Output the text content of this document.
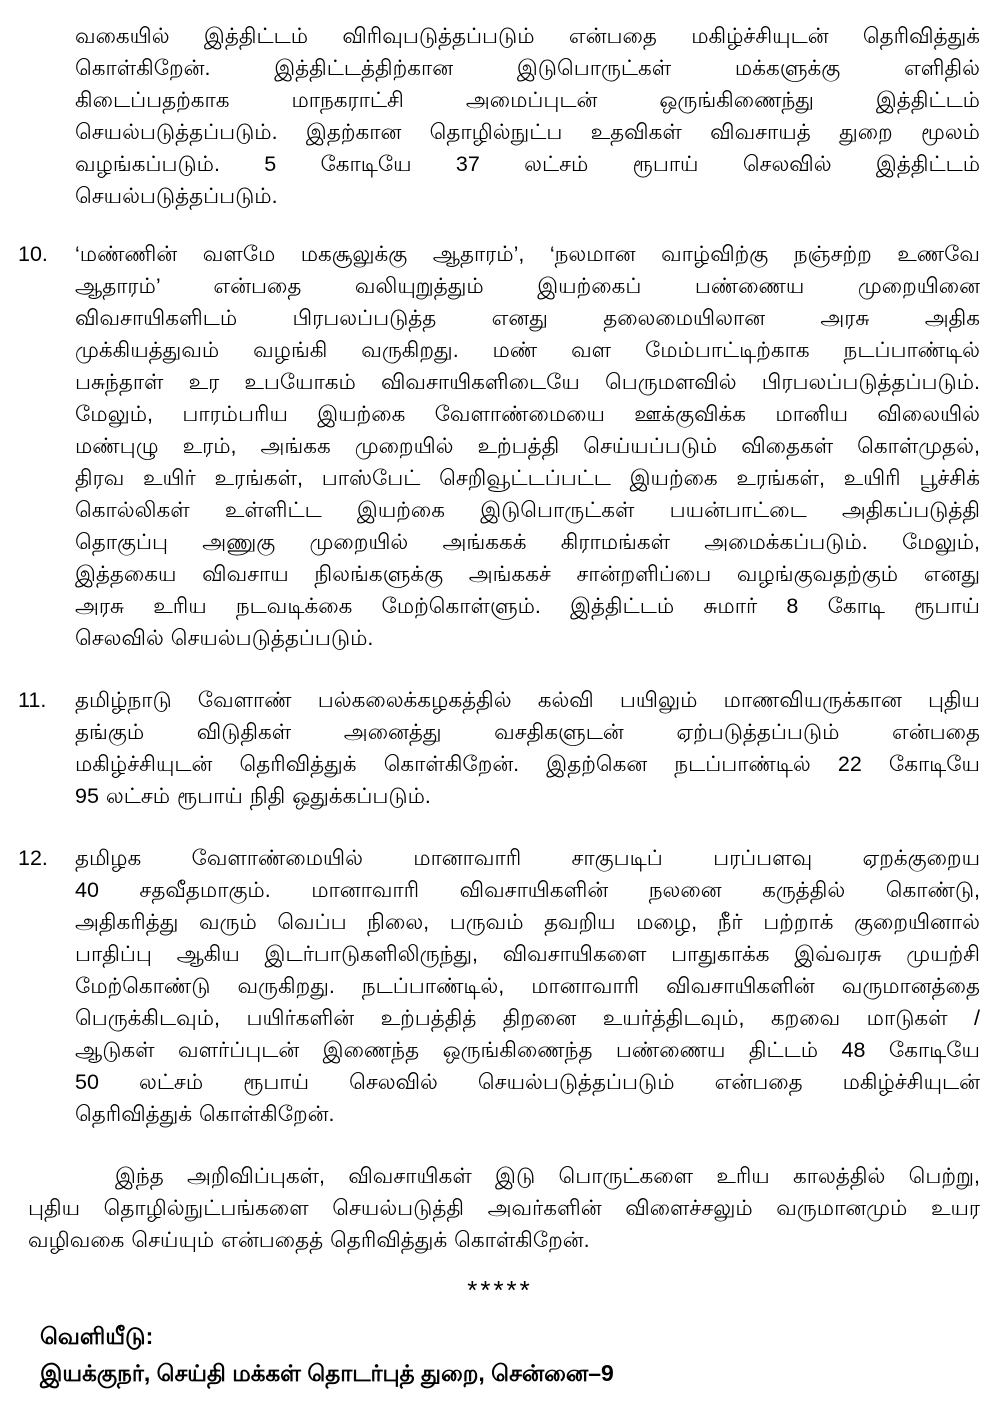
வகையில் இத்திட்டம் விரிவுபடுத்தப்படும் என்பதை மகிழ்ச்சியுடன் தெரிவித்துக்
கொள்கிறேன். இத்திட்டத்திற்கான இடுபொருட்கள் மக்களுக்கு எளிதில்
கிடைப்பதற்காக மாநகராட்சி அமைப்புடன் ஒருங்கிணைந்து இத்திட்டம்
செயல்படுத்தப்படும். இதற்கான தொழில்நுட்ப உதவிகள் விவசாயத் துறை மூலம்
வழங்கப்படும். 5 கோடியே 37 லட்சம் ரூபாய் செலவில் இத்திட்டம்
செயல்படுத்தப்படும்.
10.	‘மண்ணின் வளமே மகசூலுக்கு ஆதாரம்’, ‘நலமான வாழ்விற்கு நஞ்சற்ற உணவே
ஆதாரம்’ என்பதை வலியுறுத்தும் இயற்கைப் பண்ணைய முறையினை
விவசாயிகளிடம் பிரபலப்படுத்த எனது தலைமையிலான அரசு அதிக
முக்கியத்துவம் வழங்கி வருகிறது. மண் வள மேம்பாட்டிற்காக நடப்பாண்டில்
பசுந்தாள் உர உபயோகம் விவசாயிகளிடையே பெருமளவில் பிரபலப்படுத்தப்படும்.
மேலும், பாரம்பரிய இயற்கை வேளாண்மையை ஊக்குவிக்க மானிய விலையில்
மண்புழு உரம், அங்கக முறையில் உற்பத்தி செய்யப்படும் விதைகள் கொள்முதல்,
திரவ உயிர் உரங்கள், பாஸ்பேட் செறிவூட்டப்பட்ட இயற்கை உரங்கள், உயிரி பூச்சிக்
கொல்லிகள் உள்ளிட்ட இயற்கை இடுபொருட்கள் பயன்பாட்டை அதிகப்படுத்தி
தொகுப்பு அணுகு முறையில் அங்ககக் கிராமங்கள் அமைக்கப்படும். மேலும்,
இத்தகைய விவசாய நிலங்களுக்கு அங்ககச் சான்றளிப்பை வழங்குவதற்கும் எனது
அரசு உரிய நடவடிக்கை மேற்கொள்ளும். இத்திட்டம் சுமார் 8 கோடி ரூபாய்
செலவில் செயல்படுத்தப்படும்.
11.	தமிழ்நாடு வேளாண் பல்கலைக்கழகத்தில் கல்வி பயிலும் மாணவியருக்கான புதிய
தங்கும் விடுதிகள் அனைத்து வசதிகளுடன் ஏற்படுத்தப்படும் என்பதை
மகிழ்ச்சியுடன் தெரிவித்துக் கொள்கிறேன். இதற்கென நடப்பாண்டில் 22 கோடியே
95 லட்சம் ரூபாய் நிதி ஒதுக்கப்படும்.
12.	தமிழக வேளாண்மையில் மானாவாரி சாகுபடிப் பரப்பளவு ஏறக்குறைய
40 சதவீதமாகும். மானாவாரி விவசாயிகளின் நலனை கருத்தில் கொண்டு,
அதிகரித்து வரும் வெப்ப நிலை, பருவம் தவறிய மழை, நீர் பற்றாக் குறையினால்
பாதிப்பு ஆகிய இடர்பாடுகளிலிருந்து, விவசாயிகளை பாதுகாக்க இவ்வரசு முயற்சி
மேற்கொண்டு வருகிறது. நடப்பாண்டில், மானாவாரி விவசாயிகளின் வருமானத்தை
பெருக்கிடவும், பயிர்களின் உற்பத்தித் திறனை உயர்த்திடவும், கறவை மாடுகள் /
ஆடுகள் வளர்ப்புடன் இணைந்த ஒருங்கிணைந்த பண்ணைய திட்டம் 48 கோடியே
50 லட்சம் ரூபாய் செலவில் செயல்படுத்தப்படும் என்பதை மகிழ்ச்சியுடன்
தெரிவித்துக் கொள்கிறேன்.
இந்த அறிவிப்புகள், விவசாயிகள் இடு பொருட்களை உரிய காலத்தில் பெற்று,
புதிய தொழில்நுட்பங்களை செயல்படுத்தி அவர்களின் விளைச்சலும் வருமானமும் உயர
வழிவகை செய்யும் என்பதைத் தெரிவித்துக் கொள்கிறேன்.
*****
வெளியீடு:
இயக்குநர், செய்தி மக்கள் தொடர்புத் துறை, சென்னை–9
